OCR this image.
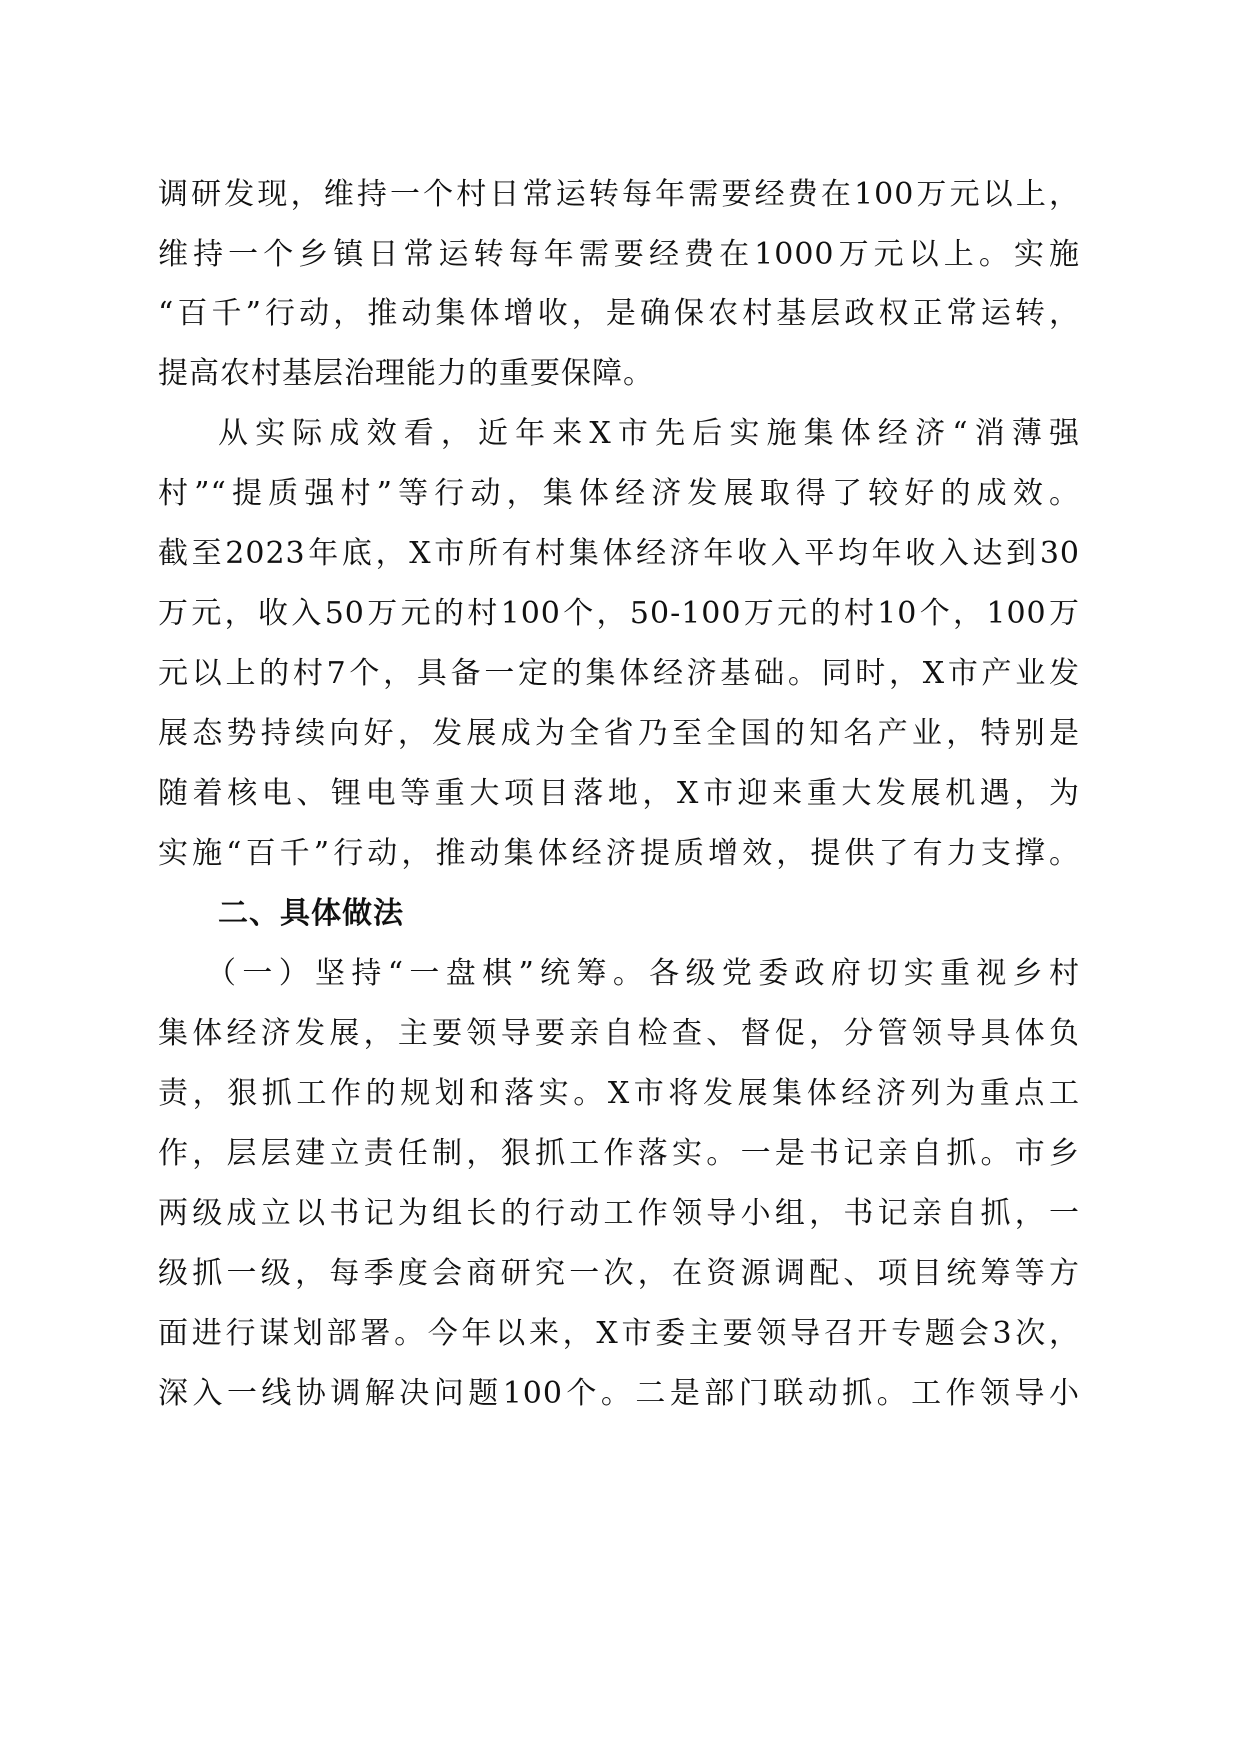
调研发现，维持一个村日常运转每年需要经费在100万元以上，
维持一个乡镇日常运转每年需要经费在1000万元以上。实施
“百千”行动，推动集体增收，是确保农村基层政权正常运转，
提高农村基层治理能力的重要保障。
从实际成效看，近年来X市先后实施集体经济“消薄强
村”“提质强村”等行动，集体经济发展取得了较好的成效。
截至2023年底，X市所有村集体经济年收入平均年收入达到30
万元，收入50万元的村100个，50-100万元的村10个，100万
元以上的村7个，具备一定的集体经济基础。同时，X市产业发
展态势持续向好，发展成为全省乃至全国的知名产业，特别是
随着核电、锂电等重大项目落地，X市迎来重大发展机遇，为
实施“百千”行动，推动集体经济提质增效，提供了有力支撑。
二、具体做法
（一）坚持“一盘棋”统筹。各级党委政府切实重视乡村
集体经济发展，主要领导要亲自检查、督促，分管领导具体负
责，狠抓工作的规划和落实。X市将发展集体经济列为重点工
作，层层建立责任制，狠抓工作落实。一是书记亲自抓。市乡
两级成立以书记为组长的行动工作领导小组，书记亲自抓，一
级抓一级，每季度会商研究一次，在资源调配、项目统筹等方
面进行谋划部署。今年以来，X市委主要领导召开专题会3次，
深入一线协调解决问题100个。二是部门联动抓。工作领导小
